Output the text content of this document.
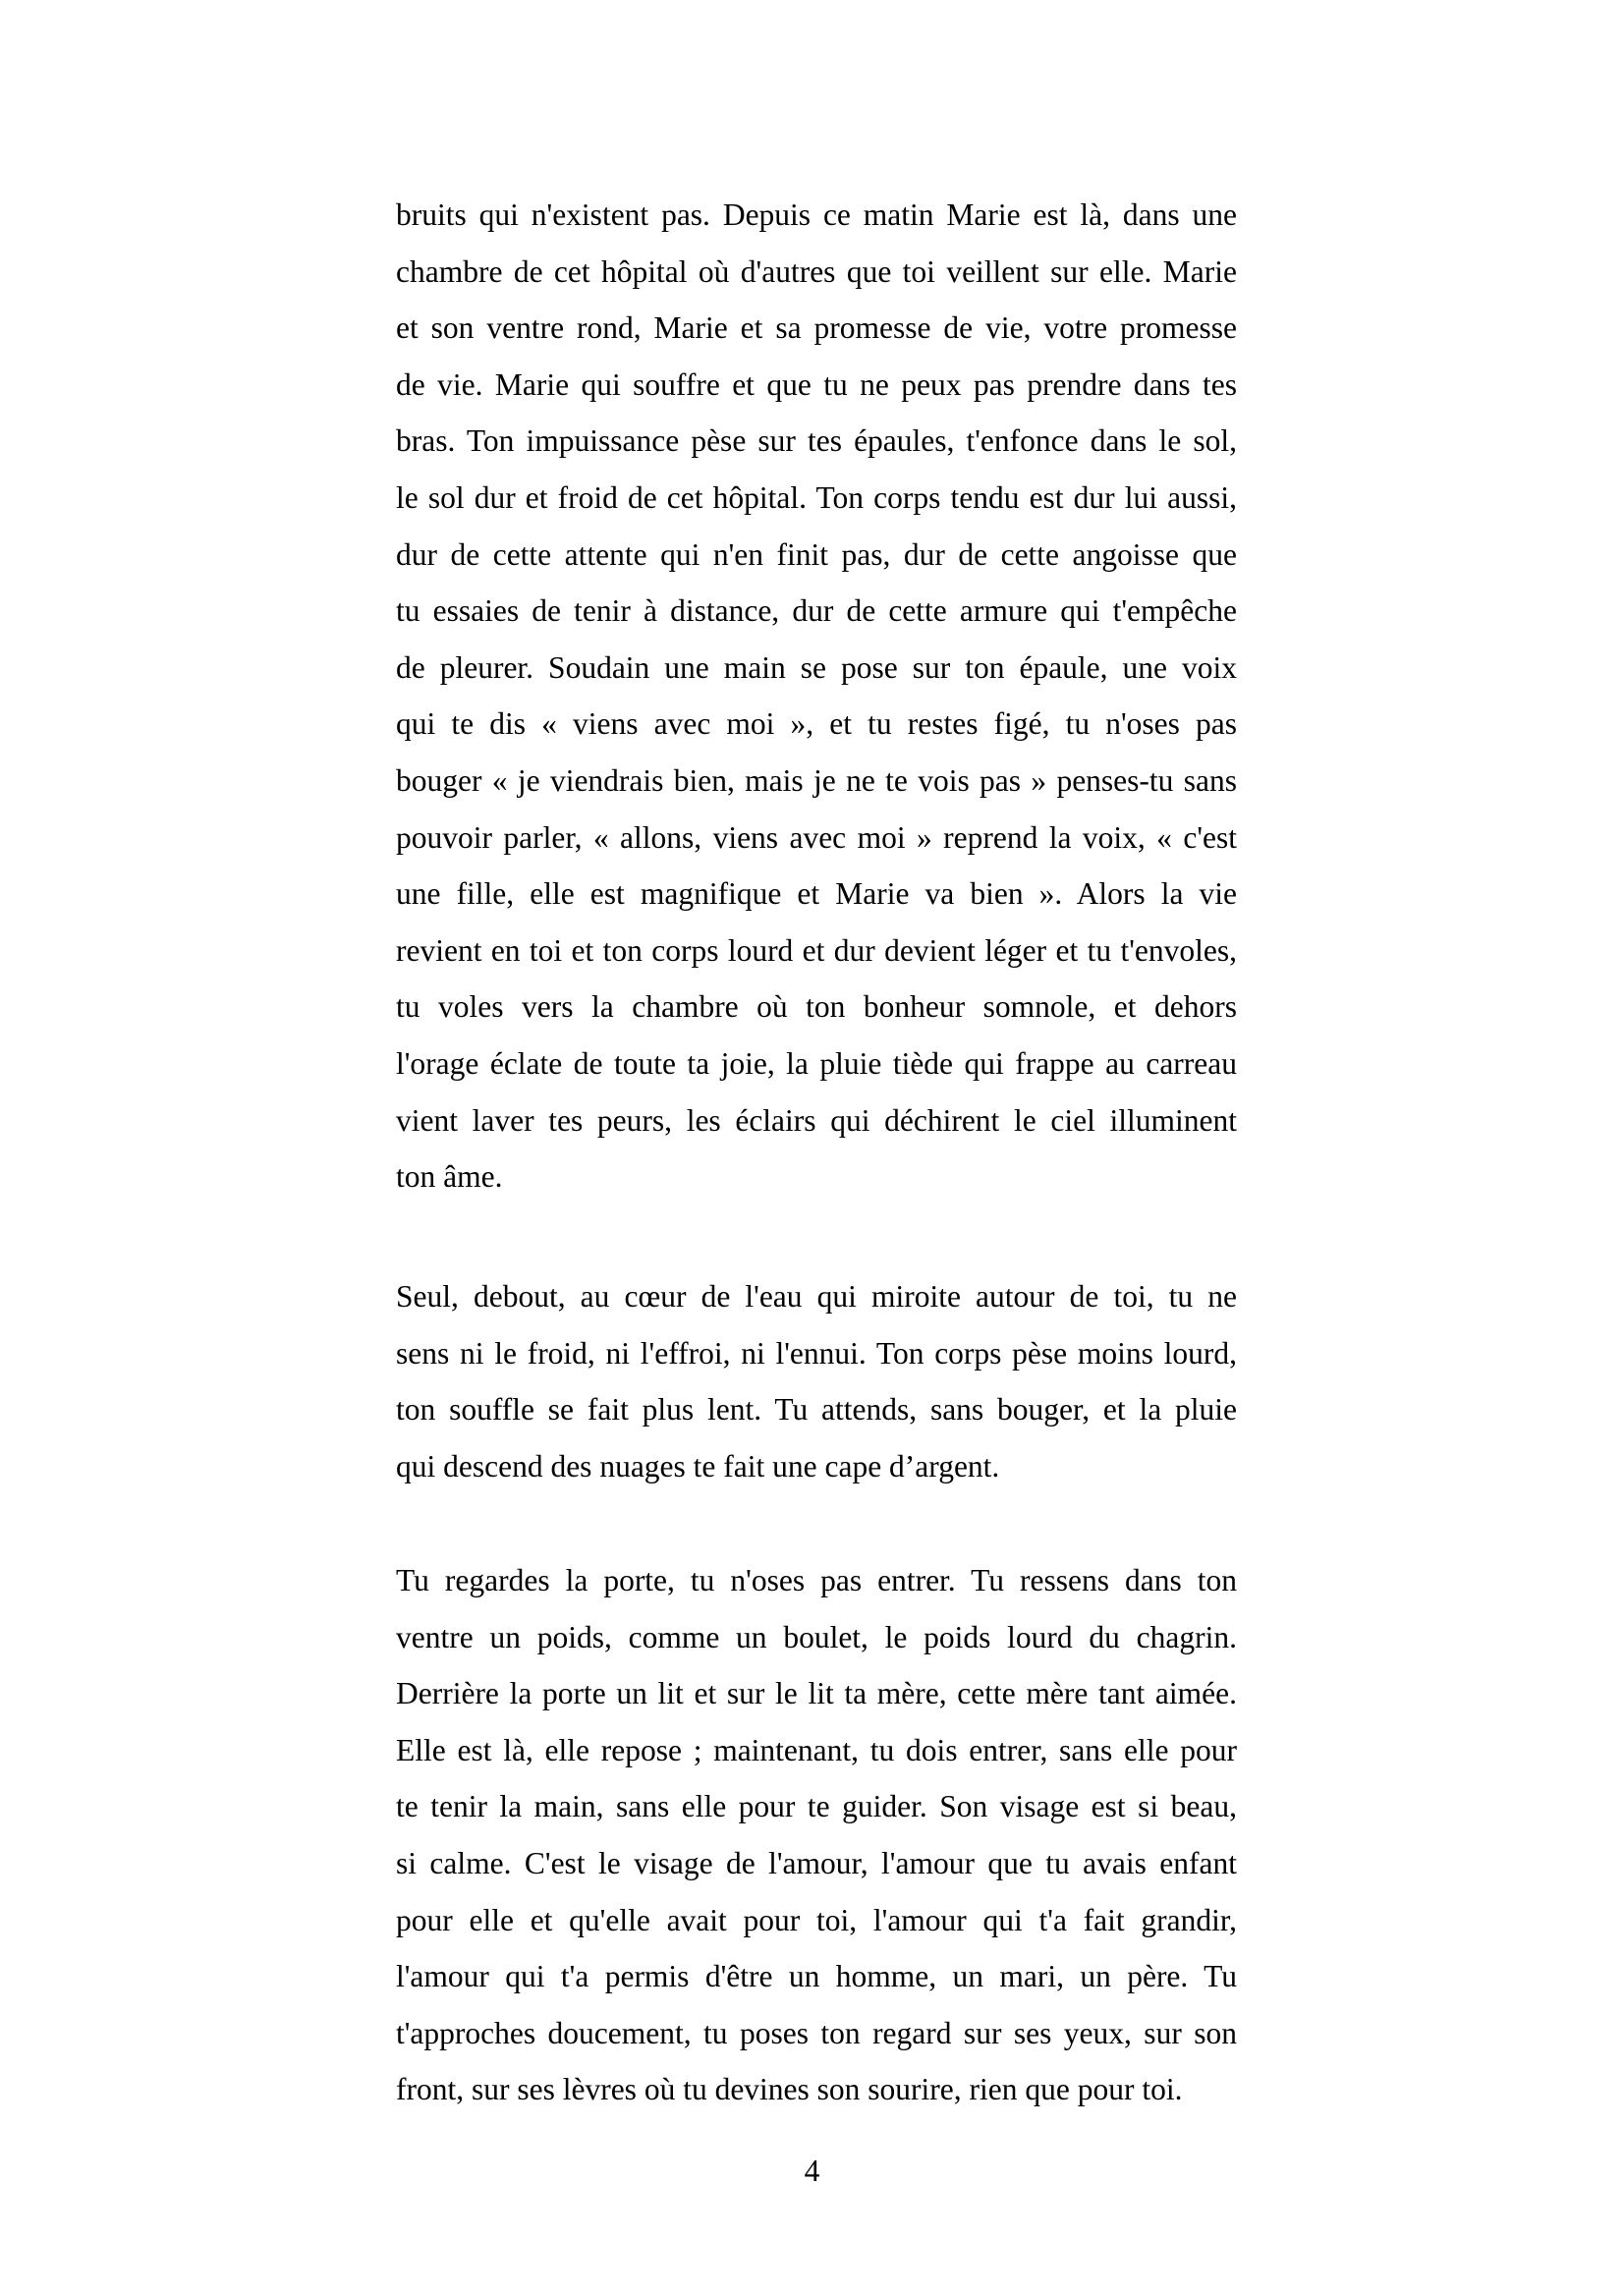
bruits qui n'existent pas. Depuis ce matin Marie est là, dans une
chambre de cet hôpital où d'autres que toi veillent sur elle. Marie
et son ventre rond, Marie et sa promesse de vie, votre promesse
de vie. Marie qui souffre et que tu ne peux pas prendre dans tes
bras. Ton impuissance pèse sur tes épaules, t'enfonce dans le sol,
le sol dur et froid de cet hôpital. Ton corps tendu est dur lui aussi,
dur de cette attente qui n'en finit pas, dur de cette angoisse que
tu essaies de tenir à distance, dur de cette armure qui t'empêche
de pleurer. Soudain une main se pose sur ton épaule, une voix
qui te dis « viens avec moi », et tu restes figé, tu n'oses pas
bouger « je viendrais bien, mais je ne te vois pas » penses-tu sans
pouvoir parler, « allons, viens avec moi » reprend la voix, « c'est
une fille, elle est magnifique et Marie va bien ». Alors la vie
revient en toi et ton corps lourd et dur devient léger et tu t'envoles,
tu voles vers la chambre où ton bonheur somnole, et dehors
l'orage éclate de toute ta joie, la pluie tiède qui frappe au carreau
vient laver tes peurs, les éclairs qui déchirent le ciel illuminent
ton âme.
Seul, debout, au cœur de l'eau qui miroite autour de toi, tu ne
sens ni le froid, ni l'effroi, ni l'ennui. Ton corps pèse moins lourd,
ton souffle se fait plus lent. Tu attends, sans bouger, et la pluie
qui descend des nuages te fait une cape d’argent.
Tu regardes la porte, tu n'oses pas entrer. Tu ressens dans ton
ventre un poids, comme un boulet, le poids lourd du chagrin.
Derrière la porte un lit et sur le lit ta mère, cette mère tant aimée.
Elle est là, elle repose ; maintenant, tu dois entrer, sans elle pour
te tenir la main, sans elle pour te guider. Son visage est si beau,
si calme. C'est le visage de l'amour, l'amour que tu avais enfant
pour elle et qu'elle avait pour toi, l'amour qui t'a fait grandir,
l'amour qui t'a permis d'être un homme, un mari, un père. Tu
t'approches doucement, tu poses ton regard sur ses yeux, sur son
front, sur ses lèvres où tu devines son sourire, rien que pour toi.
4
